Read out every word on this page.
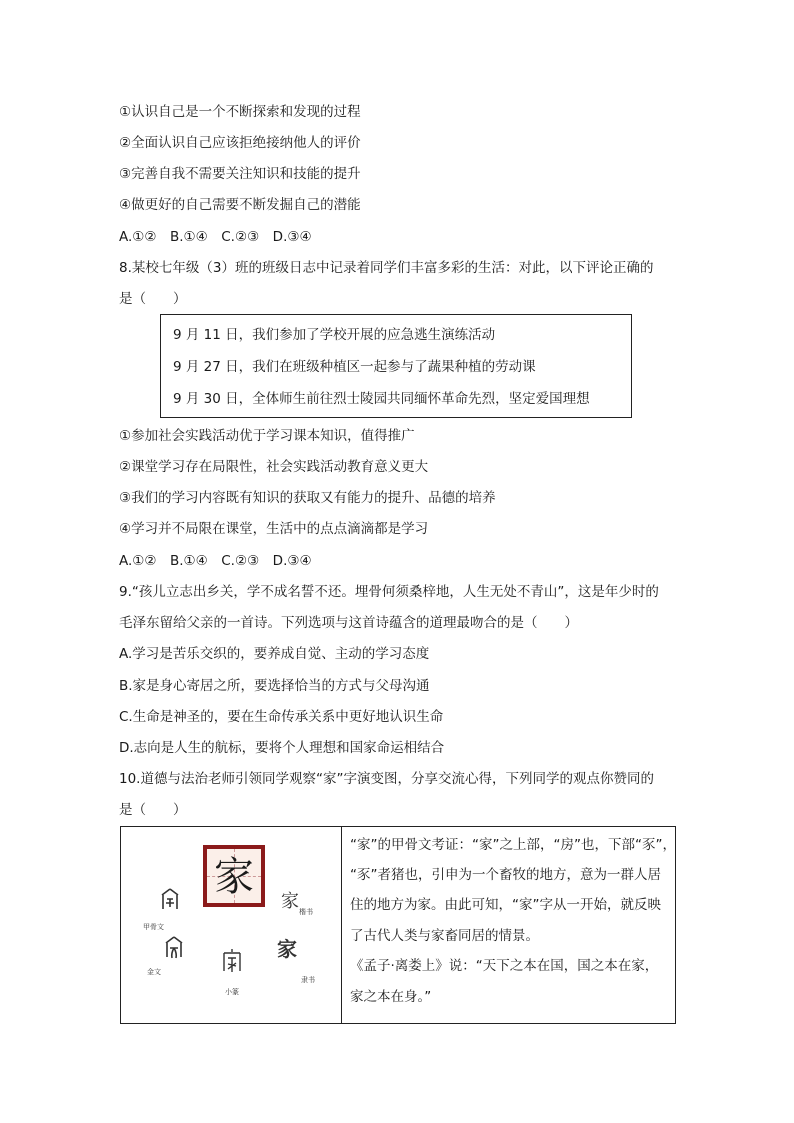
①认识自己是一个不断探索和发现的过程
②全面认识自己应该拒绝接纳他人的评价
③完善自我不需要关注知识和技能的提升
④做更好的自己需要不断发掘自己的潜能
A.①②　B.①④　C.②③　D.③④
8.某校七年级（3）班的班级日志中记录着同学们丰富多彩的生活：对此，以下评论正确的
是（　　）
9 月 11 日，我们参加了学校开展的应急逃生演练活动
9 月 27 日，我们在班级种植区一起参与了蔬果种植的劳动课
9 月 30 日，全体师生前往烈士陵园共同缅怀革命先烈，坚定爱国理想
①参加社会实践活动优于学习课本知识，值得推广
②课堂学习存在局限性，社会实践活动教育意义更大
③我们的学习内容既有知识的获取又有能力的提升、品德的培养
④学习并不局限在课堂，生活中的点点滴滴都是学习
A.①②　B.①④　C.②③　D.③④
9.“孩儿立志出乡关，学不成名誓不还。埋骨何须桑梓地，人生无处不青山”，这是年少时的
毛泽东留给父亲的一首诗。下列选项与这首诗蕴含的道理最吻合的是（　　）
A.学习是苦乐交织的，要养成自觉、主动的学习态度
B.家是身心寄居之所，要选择恰当的方式与父母沟通
C.生命是神圣的，要在生命传承关系中更好地认识生命
D.志向是人生的航标，要将个人理想和国家命运相结合
10.道德与法治老师引领同学观察“家”字演变图，分享交流心得，下列同学的观点你赞同的
是（　　）
家
甲骨文
金文
小篆
家 楷书
家
隶书
“家”的甲骨文考证：“家”之上部，“房”也，下部“豕”，
“豕”者猪也，引申为一个畜牧的地方，意为一群人居
住的地方为家。由此可知，“家”字从一开始，就反映
了古代人类与家畜同居的情景。
《孟子·离娄上》说：“天下之本在国，国之本在家，
家之本在身。”
